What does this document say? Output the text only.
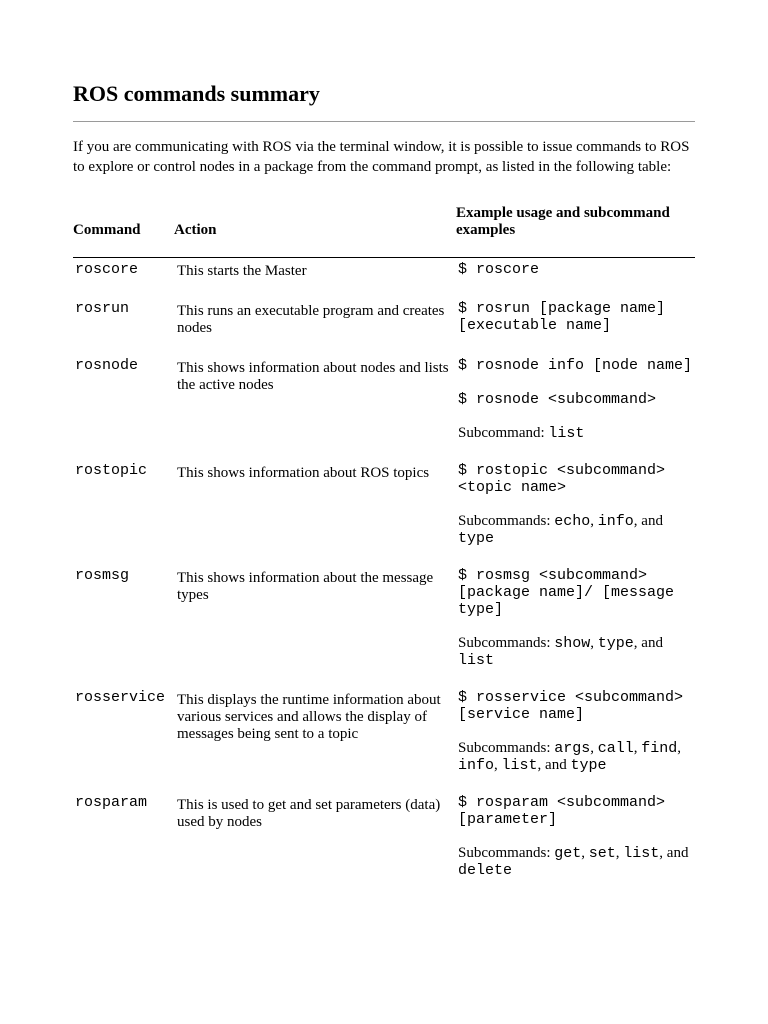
ROS commands summary

If you are communicating with ROS via the terminal window, it is possible to issue commands to ROS to explore or control nodes in a package from the command prompt, as listed in the following table:

Command	Action	Example usage and subcommand examples
roscore	This starts the Master	$ roscore

rosrun	This runs an executable program and creates nodes	$ rosrun [package name] [executable name]

rosnode	This shows information about nodes and lists the active nodes	$ rosnode info [node name]

$ rosnode <subcommand>

Subcommand: list

rostopic	This shows information about ROS topics	$ rostopic <subcommand> <topic name>

Subcommands: echo, info, and type

rosmsg	This shows information about the message types	$ rosmsg <subcommand> [package name]/ [message type]

Subcommands: show, type, and list

rosservice	This displays the runtime information about various services and allows the display of messages being sent to a topic	$ rosservice <subcommand> [service name]

Subcommands: args, call, find, info, list, and type

rosparam	This is used to get and set parameters (data) used by nodes	$ rosparam <subcommand> [parameter]

Subcommands: get, set, list, and delete
